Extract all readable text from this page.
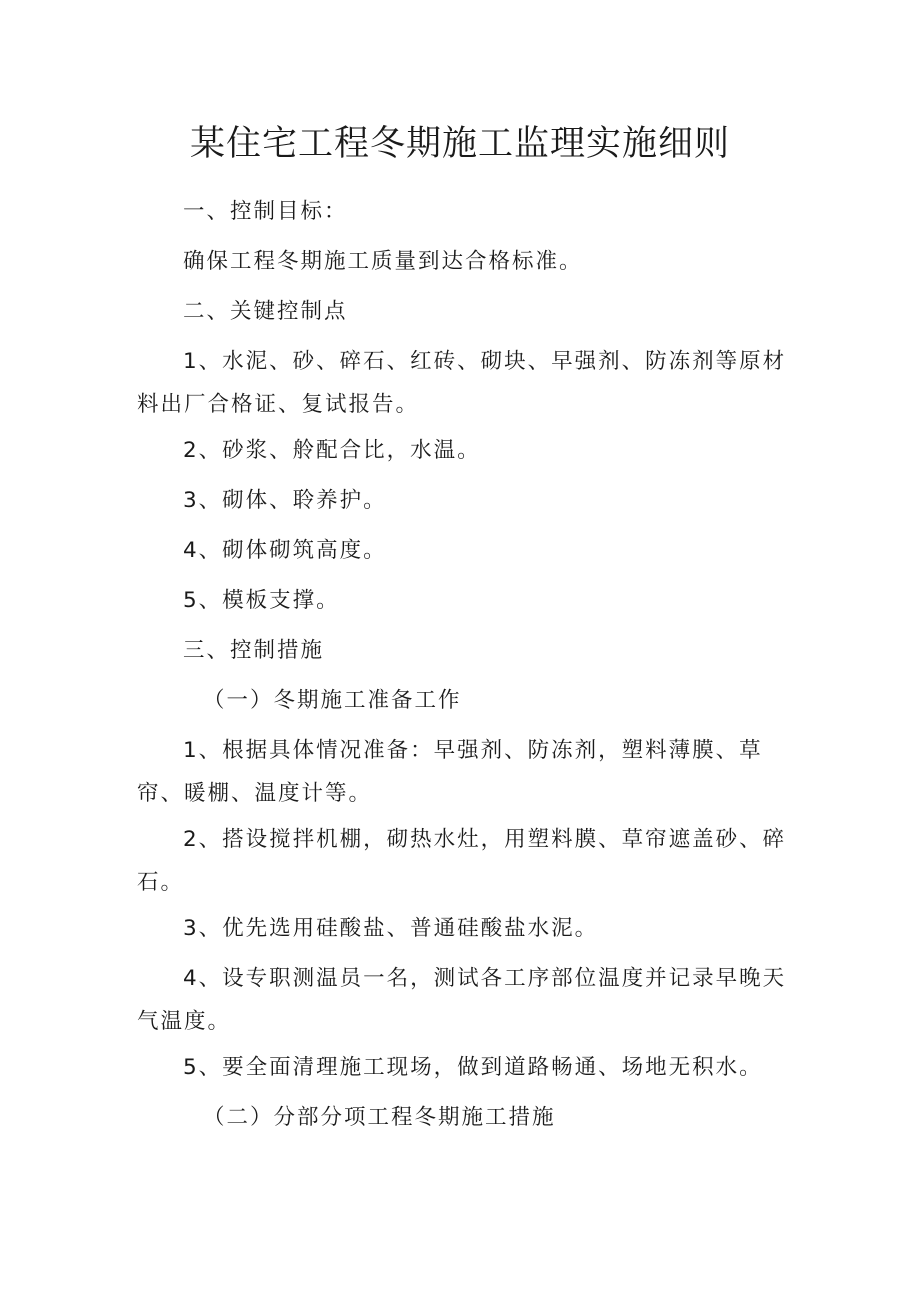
某住宅工程冬期施工监理实施细则

一、控制目标：

确保工程冬期施工质量到达合格标准。

二、关键控制点

1、水泥、砂、碎石、红砖、砌块、早强剂、防冻剂等原材料出厂合格证、复试报告。

2、砂浆、舲配合比，水温。

3、砌体、聆养护。

4、砌体砌筑高度。

5、模板支撑。

三、控制措施

（一）冬期施工准备工作

1、根据具体情况准备：早强剂、防冻剂，塑料薄膜、草帘、暖棚、温度计等。

2、搭设搅拌机棚，砌热水灶，用塑料膜、草帘遮盖砂、碎石。

3、优先选用硅酸盐、普通硅酸盐水泥。

4、设专职测温员一名，测试各工序部位温度并记录早晚天气温度。

5、要全面清理施工现场，做到道路畅通、场地无积水。

（二）分部分项工程冬期施工措施
